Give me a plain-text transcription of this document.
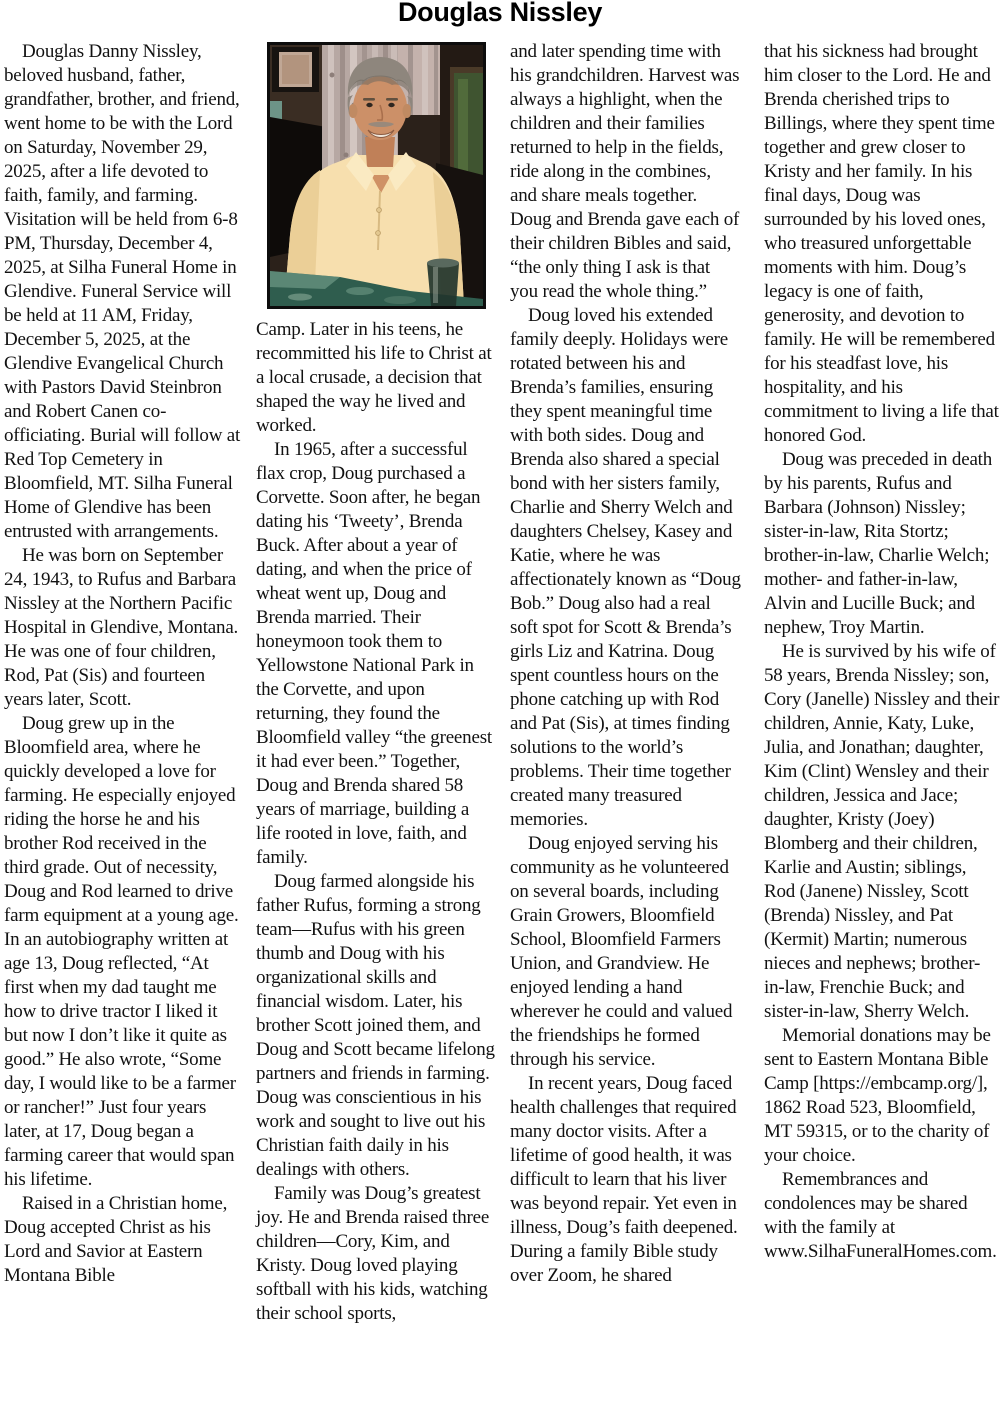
Douglas Nissley

Douglas Danny Nissley, beloved husband, father, grandfather, brother, and friend, went home to be with the Lord on Saturday, November 29, 2025, after a life devoted to faith, family, and farming. Visitation will be held from 6-8 PM, Thursday, December 4, 2025, at Silha Funeral Home in Glendive. Funeral Service will be held at 11 AM, Friday, December 5, 2025, at the Glendive Evangelical Church with Pastors David Steinbron and Robert Canen co-officiating. Burial will follow at Red Top Cemetery in Bloomfield, MT. Silha Funeral Home of Glendive has been entrusted with arrangements.

He was born on September 24, 1943, to Rufus and Barbara Nissley at the Northern Pacific Hospital in Glendive, Montana. He was one of four children, Rod, Pat (Sis) and fourteen years later, Scott.

Doug grew up in the Bloomfield area, where he quickly developed a love for farming. He especially enjoyed riding the horse he and his brother Rod received in the third grade. Out of necessity, Doug and Rod learned to drive farm equipment at a young age. In an autobiography written at age 13, Doug reflected, “At first when my dad taught me how to drive tractor I liked it but now I don’t like it quite as good.” He also wrote, “Some day, I would like to be a farmer or rancher!” Just four years later, at 17, Doug began a farming career that would span his lifetime.

Raised in a Christian home, Doug accepted Christ as his Lord and Savior at Eastern Montana Bible

Camp. Later in his teens, he recommitted his life to Christ at a local crusade, a decision that shaped the way he lived and worked.

In 1965, after a successful flax crop, Doug purchased a Corvette. Soon after, he began dating his ‘Tweety’, Brenda Buck. After about a year of dating, and when the price of wheat went up, Doug and Brenda married. Their honeymoon took them to Yellowstone National Park in the Corvette, and upon returning, they found the Bloomfield valley “the greenest it had ever been.” Together, Doug and Brenda shared 58 years of marriage, building a life rooted in love, faith, and family.

Doug farmed alongside his father Rufus, forming a strong team—Rufus with his green thumb and Doug with his organizational skills and financial wisdom. Later, his brother Scott joined them, and Doug and Scott became lifelong partners and friends in farming. Doug was conscientious in his work and sought to live out his Christian faith daily in his dealings with others.

Family was Doug’s greatest joy. He and Brenda raised three children—Cory, Kim, and Kristy. Doug loved playing softball with his kids, watching their school sports,

and later spending time with his grandchildren. Harvest was always a highlight, when the children and their families returned to help in the fields, ride along in the combines, and share meals together. Doug and Brenda gave each of their children Bibles and said, “the only thing I ask is that you read the whole thing.”

Doug loved his extended family deeply. Holidays were rotated between his and Brenda’s families, ensuring they spent meaningful time with both sides. Doug and Brenda also shared a special bond with her sisters family, Charlie and Sherry Welch and daughters Chelsey, Kasey and Katie, where he was affectionately known as “Doug Bob.” Doug also had a real soft spot for Scott & Brenda’s girls Liz and Katrina. Doug spent countless hours on the phone catching up with Rod and Pat (Sis), at times finding solutions to the world’s problems. Their time together created many treasured memories.

Doug enjoyed serving his community as he volunteered on several boards, including Grain Growers, Bloomfield School, Bloomfield Farmers Union, and Grandview. He enjoyed lending a hand wherever he could and valued the friendships he formed through his service.

In recent years, Doug faced health challenges that required many doctor visits. After a lifetime of good health, it was difficult to learn that his liver was beyond repair. Yet even in illness, Doug’s faith deepened. During a family Bible study over Zoom, he shared

that his sickness had brought him closer to the Lord. He and Brenda cherished trips to Billings, where they spent time together and grew closer to Kristy and her family. In his final days, Doug was surrounded by his loved ones, who treasured unforgettable moments with him. Doug’s legacy is one of faith, generosity, and devotion to family. He will be remembered for his steadfast love, his hospitality, and his commitment to living a life that honored God.

Doug was preceded in death by his parents, Rufus and Barbara (Johnson) Nissley; sister-in-law, Rita Stortz; brother-in-law, Charlie Welch; mother- and father-in-law, Alvin and Lucille Buck; and nephew, Troy Martin.

He is survived by his wife of 58 years, Brenda Nissley; son, Cory (Janelle) Nissley and their children, Annie, Katy, Luke, Julia, and Jonathan; daughter, Kim (Clint) Wensley and their children, Jessica and Jace; daughter, Kristy (Joey) Blomberg and their children, Karlie and Austin; siblings, Rod (Janene) Nissley, Scott (Brenda) Nissley, and Pat (Kermit) Martin; numerous nieces and nephews; brother-in-law, Frenchie Buck; and sister-in-law, Sherry Welch.

Memorial donations may be sent to Eastern Montana Bible Camp [https://embcamp.org/], 1862 Road 523, Bloomfield, MT 59315, or to the charity of your choice.

Remembrances and condolences may be shared with the family at www.SilhaFuneralHomes.com.
